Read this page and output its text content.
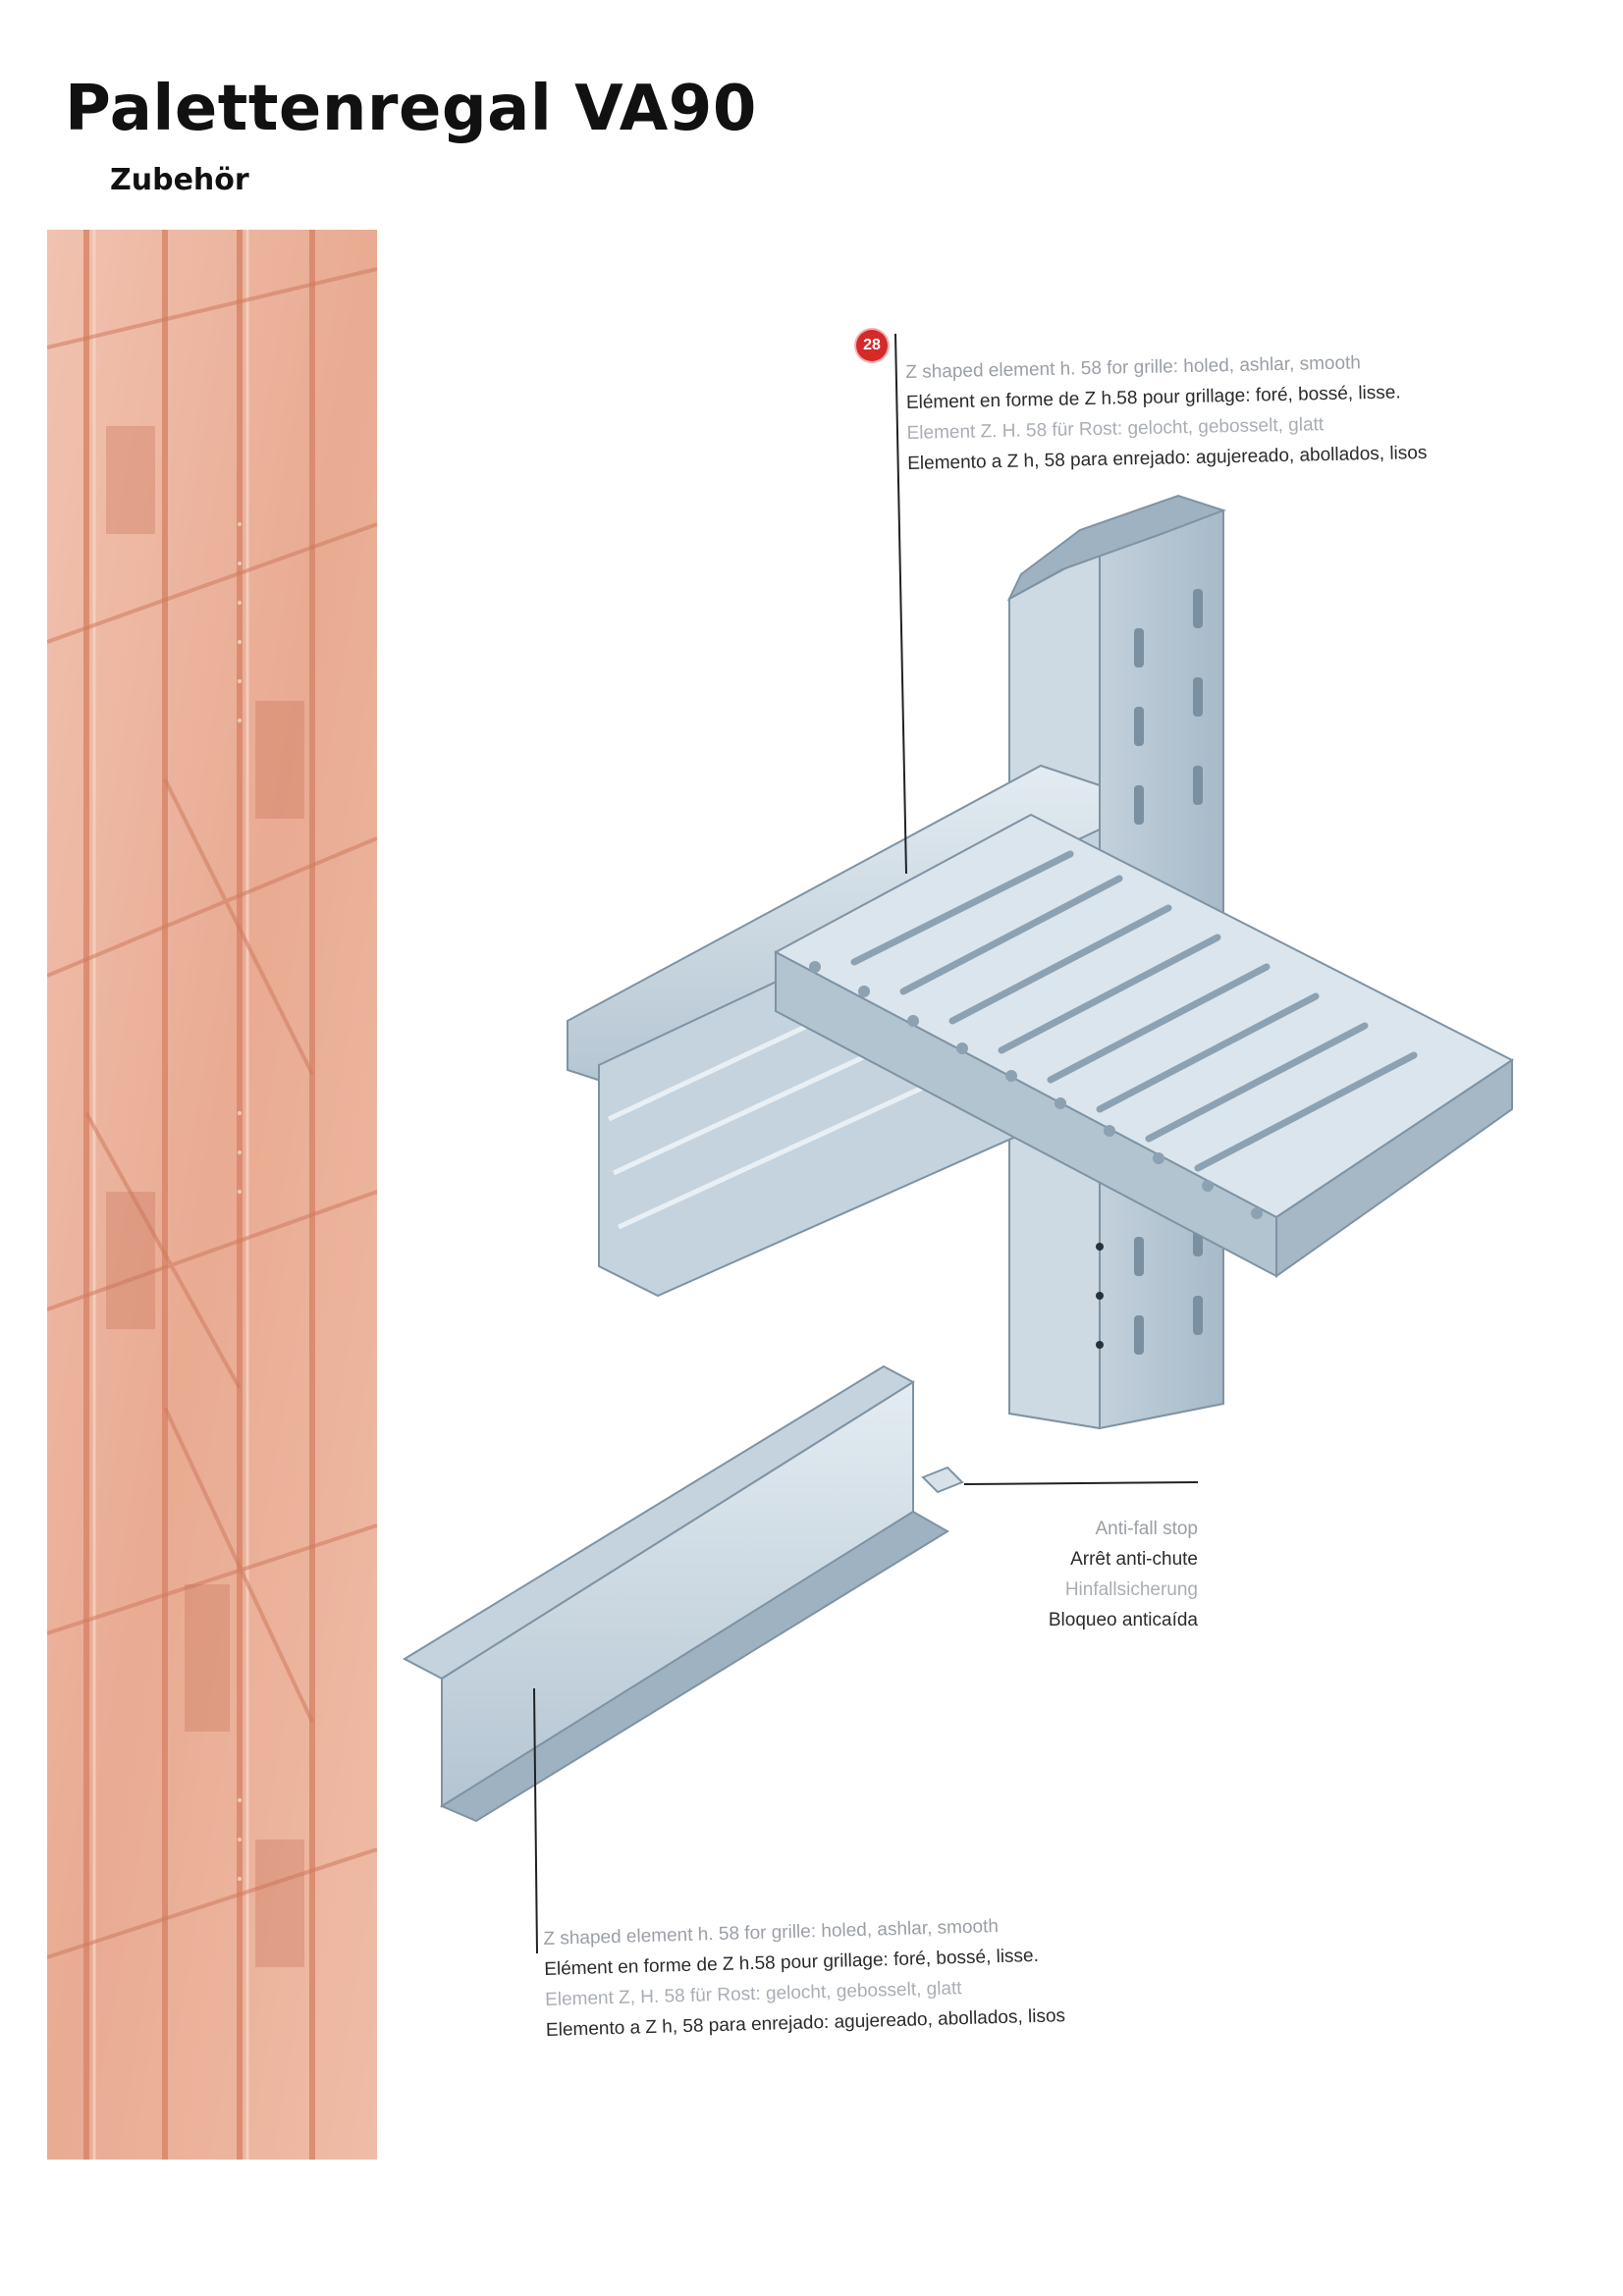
Palettenregal VA90
Zubehör
28
Z shaped element h. 58 for grille: holed, ashlar, smooth
Elément en forme de Z h.58 pour grillage: foré, bossé, lisse.
Element Z. H. 58 für Rost: gelocht, gebosselt, glatt
Elemento a Z h, 58 para enrejado: agujereado, abollados, lisos
Anti-fall stop
Arrêt anti-chute
Hinfallsicherung
Bloqueo anticaída
Z shaped element h. 58 for grille: holed, ashlar, smooth
Elément en forme de Z h.58 pour grillage: foré, bossé, lisse.
Element Z, H. 58 für Rost: gelocht, gebosselt, glatt
Elemento a Z h, 58 para enrejado: agujereado, abollados, lisos
